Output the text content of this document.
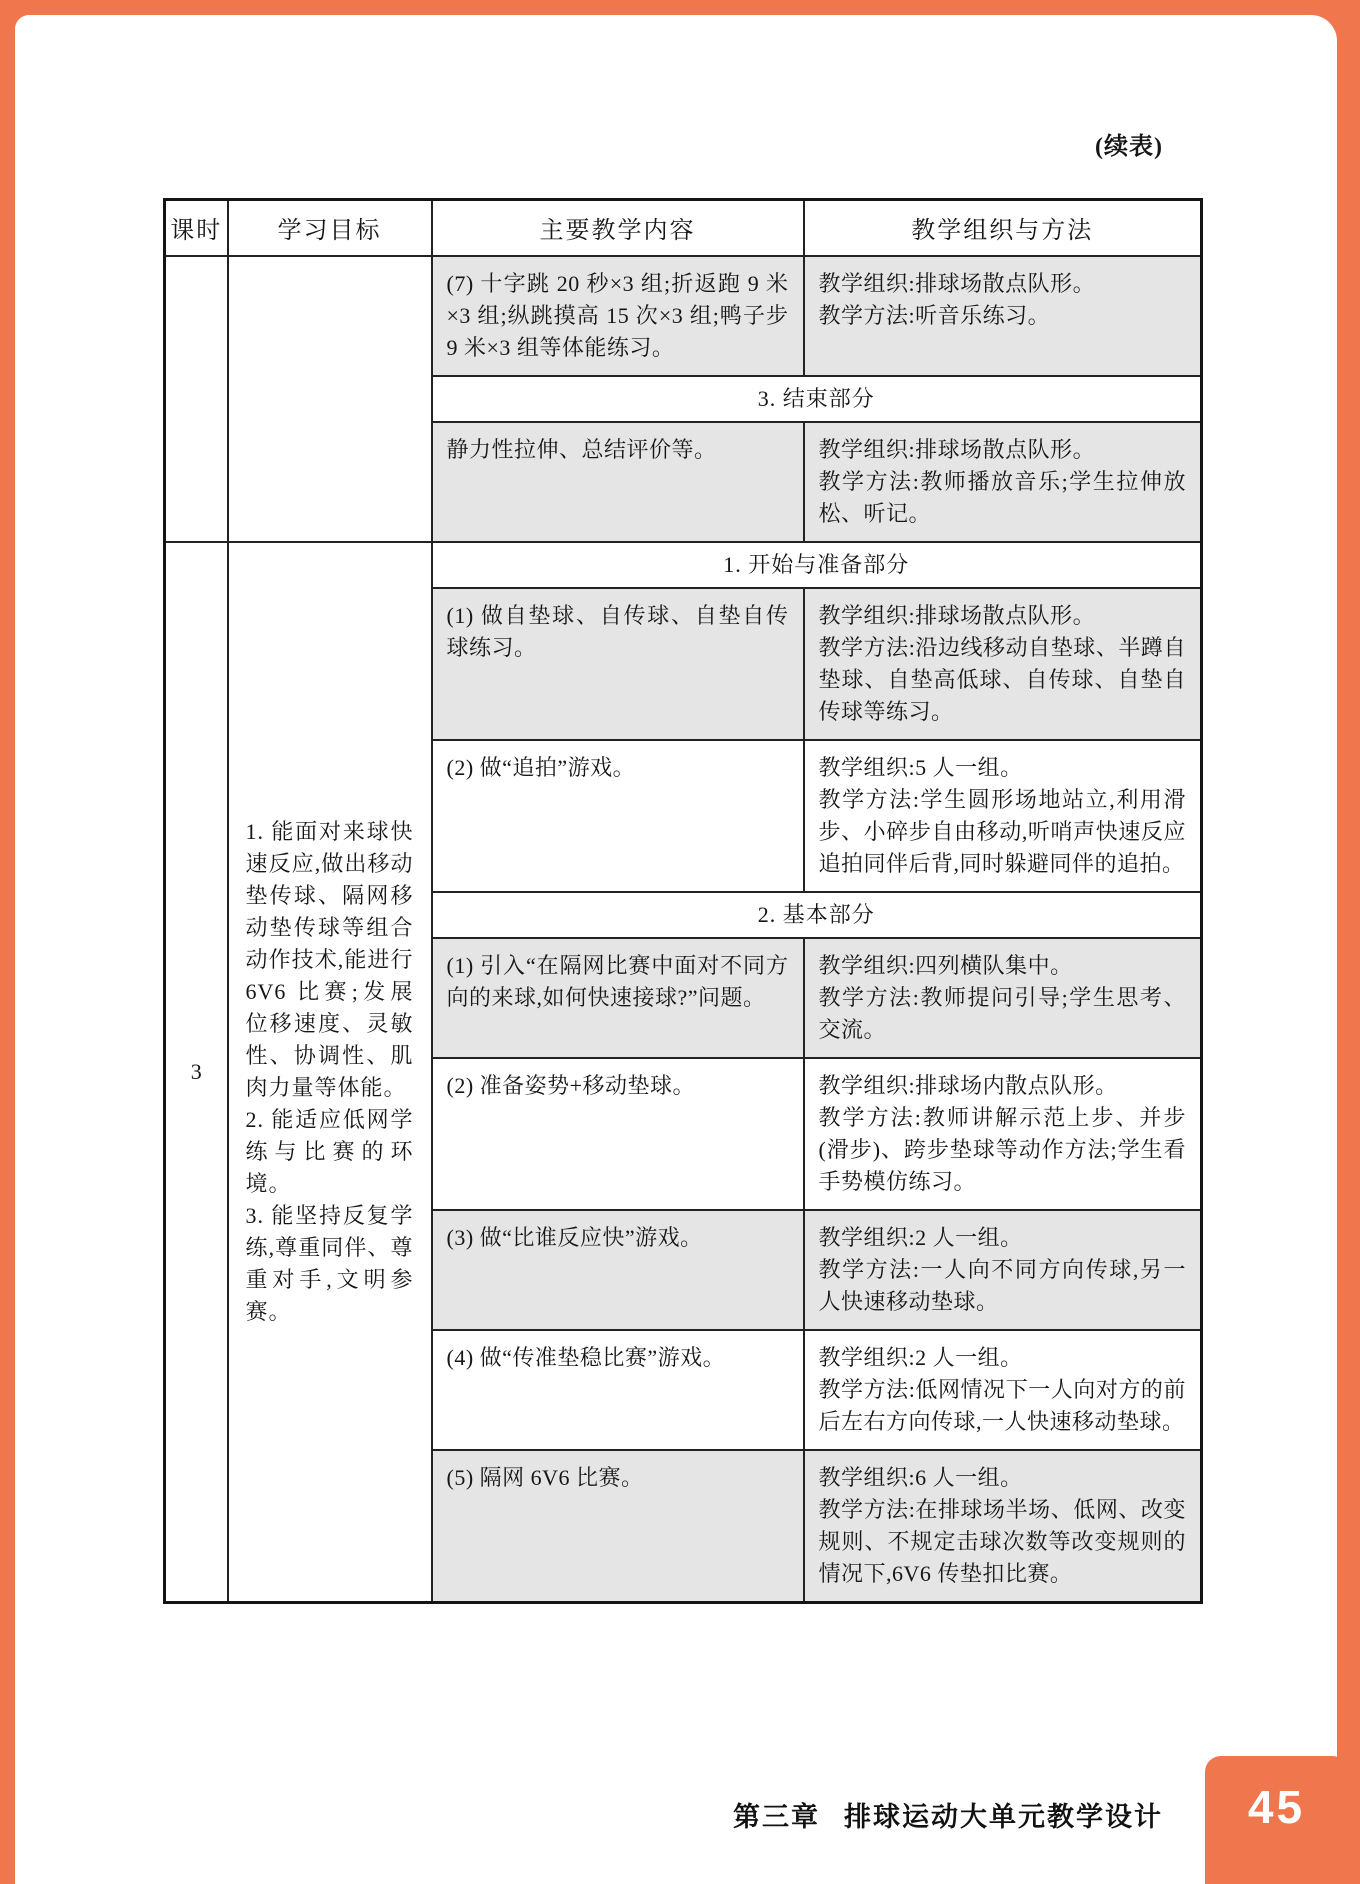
(续表)
课时	学习目标	主要教学内容	教学组织与方法
		(7) 十字跳 20 秒×3 组;折返跑 9 米×3 组;纵跳摸高 15 次×3 组;鸭子步 9 米×3 组等体能练习。	教学组织:排球场散点队形。
教学方法:听音乐练习。

		3. 结束部分	
		静力性拉伸、总结评价等。	教学组织:排球场散点队形。
教学方法:教师播放音乐;学生拉伸放松、听记。

3	1. 能面对来球快速反应,做出移动垫传球、隔网移动垫传球等组合动作技术,能进行 6V6 比赛;发展位移速度、灵敏性、协调性、肌肉力量等体能。
2. 能适应低网学练与比赛的环境。
3. 能坚持反复学练,尊重同伴、尊重对手,文明参赛。	1. 开始与准备部分	
		(1) 做自垫球、自传球、自垫自传球练习。	教学组织:排球场散点队形。
教学方法:沿边线移动自垫球、半蹲自垫球、自垫高低球、自传球、自垫自传球等练习。

		(2) 做“追拍”游戏。	教学组织:5 人一组。
教学方法:学生圆形场地站立,利用滑步、小碎步自由移动,听哨声快速反应追拍同伴后背,同时躲避同伴的追拍。

		2. 基本部分	
		(1) 引入“在隔网比赛中面对不同方向的来球,如何快速接球?”问题。	教学组织:四列横队集中。
教学方法:教师提问引导;学生思考、交流。

		(2) 准备姿势+移动垫球。	教学组织:排球场内散点队形。
教学方法:教师讲解示范上步、并步(滑步)、跨步垫球等动作方法;学生看手势模仿练习。

		(3) 做“比谁反应快”游戏。	教学组织:2 人一组。
教学方法:一人向不同方向传球,另一人快速移动垫球。

		(4) 做“传准垫稳比赛”游戏。	教学组织:2 人一组。
教学方法:低网情况下一人向对方的前后左右方向传球,一人快速移动垫球。

		(5) 隔网 6V6 比赛。	教学组织:6 人一组。
教学方法:在排球场半场、低网、改变规则、不规定击球次数等改变规则的情况下,6V6 传垫扣比赛。
第三章 排球运动大单元教学设计	45
